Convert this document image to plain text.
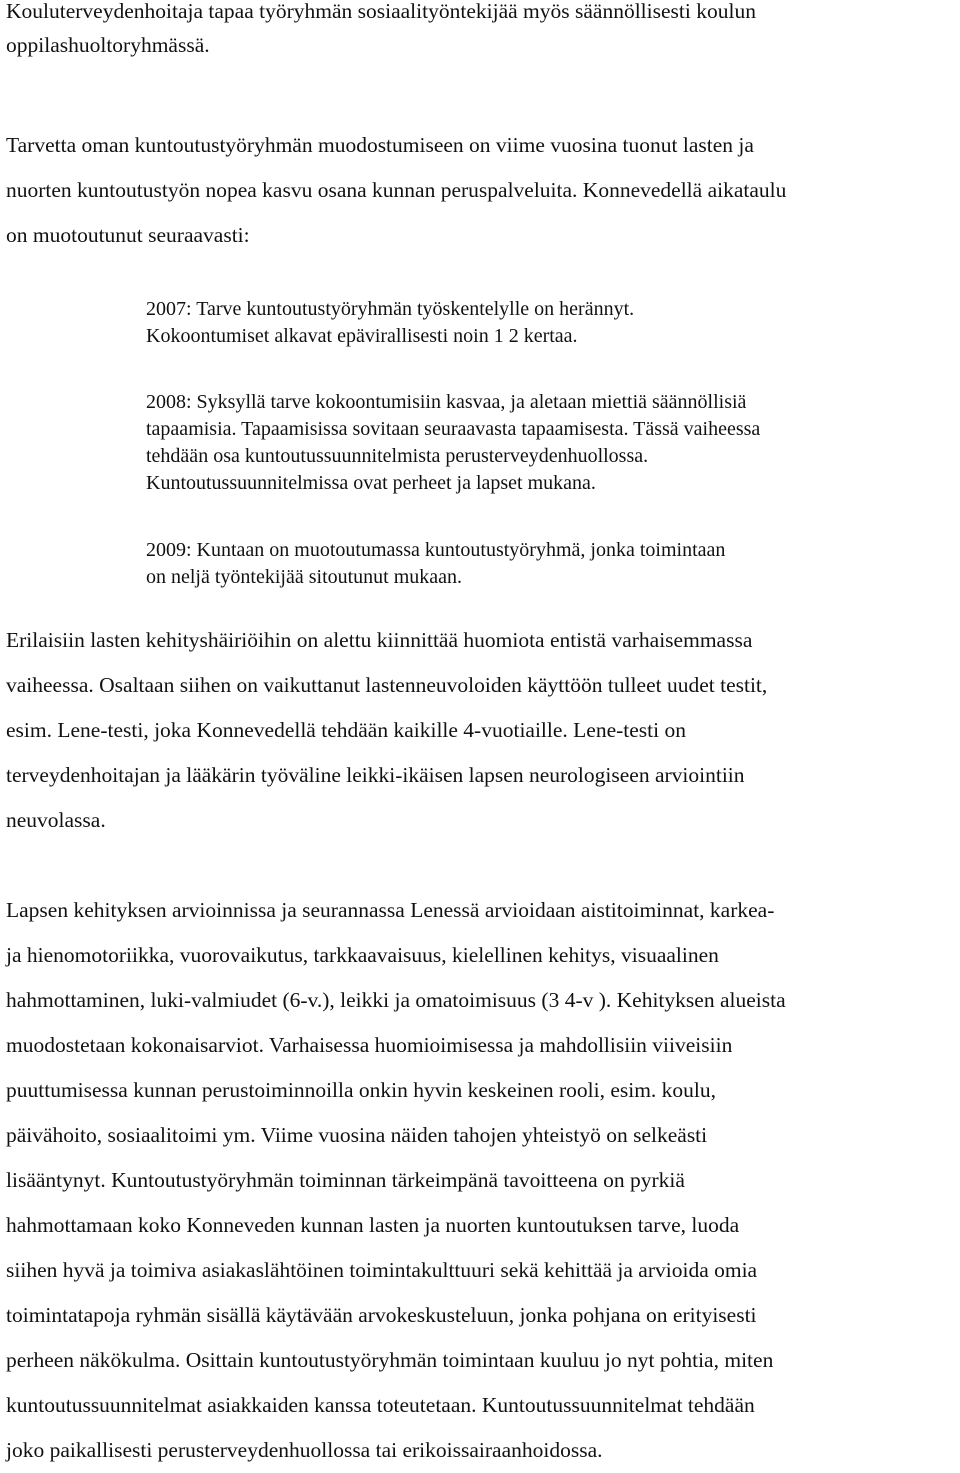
Kouluterveydenhoitaja tapaa työryhmän sosiaalityöntekijää myös säännöllisesti koulun
oppilashuoltoryhmässä.

Tarvetta oman kuntoutustyöryhmän muodostumiseen on viime vuosina tuonut lasten ja
nuorten kuntoutustyön nopea kasvu osana kunnan peruspalveluita. Konnevedellä aikataulu
on muotoutunut seuraavasti:

2007: Tarve kuntoutustyöryhmän työskentelylle on herännyt.
Kokoontumiset alkavat epävirallisesti noin 1 2 kertaa.

2008: Syksyllä tarve kokoontumisiin kasvaa, ja aletaan miettiä säännöllisiä
tapaamisia. Tapaamisissa sovitaan seuraavasta tapaamisesta. Tässä vaiheessa
tehdään osa kuntoutussuunnitelmista perusterveydenhuollossa.
Kuntoutussuunnitelmissa ovat perheet ja lapset mukana.

2009: Kuntaan on muotoutumassa kuntoutustyöryhmä, jonka toimintaan
on neljä työntekijää sitoutunut mukaan.

Erilaisiin lasten kehityshäiriöihin on alettu kiinnittää huomiota entistä varhaisemmassa
vaiheessa. Osaltaan siihen on vaikuttanut lastenneuvoloiden käyttöön tulleet uudet testit,
esim. Lene-testi, joka Konnevedellä tehdään kaikille 4-vuotiaille. Lene-testi on
terveydenhoitajan ja lääkärin työväline leikki-ikäisen lapsen neurologiseen arviointiin
neuvolassa.

Lapsen kehityksen arvioinnissa ja seurannassa Lenessä arvioidaan aistitoiminnat, karkea-
ja hienomotoriikka, vuorovaikutus, tarkkaavaisuus, kielellinen kehitys, visuaalinen
hahmottaminen, luki-valmiudet (6-v.), leikki ja omatoimisuus (3 4-v ). Kehityksen alueista
muodostetaan kokonaisarviot. Varhaisessa huomioimisessa ja mahdollisiin viiveisiin
puuttumisessa kunnan perustoiminnoilla onkin hyvin keskeinen rooli, esim. koulu,
päivähoito, sosiaalitoimi ym. Viime vuosina näiden tahojen yhteistyö on selkeästi
lisääntynyt. Kuntoutustyöryhmän toiminnan tärkeimpänä tavoitteena on pyrkiä
hahmottamaan koko Konneveden kunnan lasten ja nuorten kuntoutuksen tarve, luoda
siihen hyvä ja toimiva asiakaslähtöinen toimintakulttuuri sekä kehittää ja arvioida omia
toimintatapoja ryhmän sisällä käytävään arvokeskusteluun, jonka pohjana on erityisesti
perheen näkökulma. Osittain kuntoutustyöryhmän toimintaan kuuluu jo nyt pohtia, miten
kuntoutussuunnitelmat asiakkaiden kanssa toteutetaan. Kuntoutussuunnitelmat tehdään
joko paikallisesti perusterveydenhuollossa tai erikoissairaanhoidossa.
